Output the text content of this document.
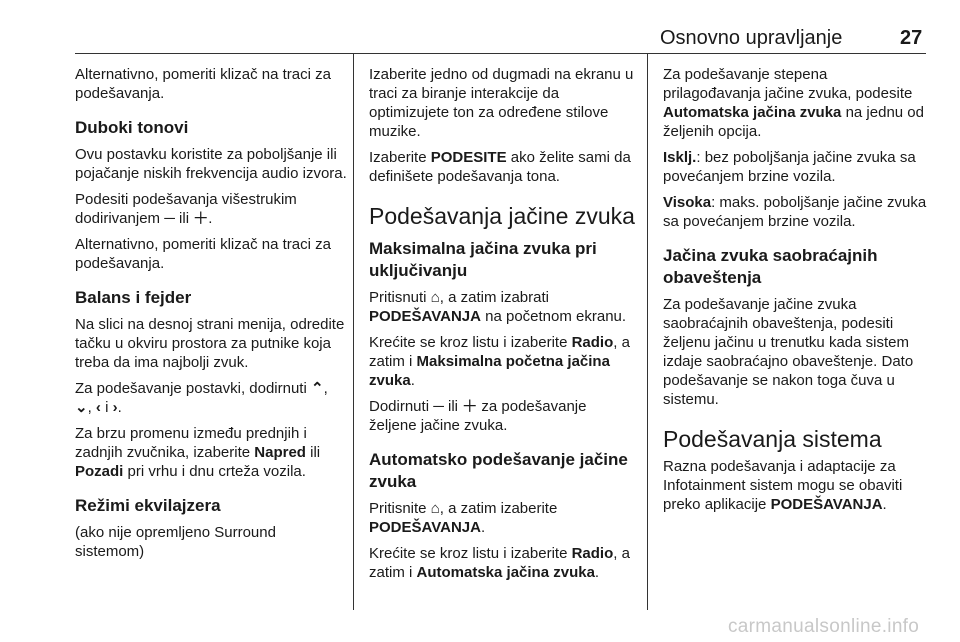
Osnovno upravljanje	27

Alternativno, pomeriti klizač na traci za podešavanja.

Duboki tonovi

Ovu postavku koristite za poboljšanje ili pojačanje niskih frekvencija audio izvora.

Podesiti podešavanja višestrukim dodirivanjem ─ ili ＋.

Alternativno, pomeriti klizač na traci za podešavanja.

Balans i fejder

Na slici na desnoj strani menija, odredite tačku u okviru prostora za putnike koja treba da ima najbolji zvuk.

Za podešavanje postavki, dodirnuti ⌃, ⌄, ‹ i ›.

Za brzu promenu između prednjih i zadnjih zvučnika, izaberite Napred ili Pozadi pri vrhu i dnu crteža vozila.

Režimi ekvilajzera

(ako nije opremljeno Surround sistemom)

Izaberite jedno od dugmadi na ekranu u traci za biranje interakcije da optimizujete ton za određene stilove muzike.

Izaberite PODESITE ako želite sami da definišete podešavanja tona.

Podešavanja jačine zvuka
Maksimalna jačina zvuka pri uključivanju

Pritisnuti ⌂, a zatim izabrati PODEŠAVANJA na početnom ekranu.

Krećite se kroz listu i izaberite Radio, a zatim i Maksimalna početna jačina zvuka.

Dodirnuti ─ ili ＋ za podešavanje željene jačine zvuka.

Automatsko podešavanje jačine zvuka

Pritisnite ⌂, a zatim izaberite PODEŠAVANJA.

Krećite se kroz listu i izaberite Radio, a zatim i Automatska jačina zvuka.

Za podešavanje stepena prilagođavanja jačine zvuka, podesite Automatska jačina zvuka na jednu od željenih opcija.

Isklj.: bez poboljšanja jačine zvuka sa povećanjem brzine vozila.

Visoka: maks. poboljšanje jačine zvuka sa povećanjem brzine vozila.

Jačina zvuka saobraćajnih obaveštenja

Za podešavanje jačine zvuka saobraćajnih obaveštenja, podesiti željenu jačinu u trenutku kada sistem izdaje saobraćajno obaveštenje. Dato podešavanje se nakon toga čuva u sistemu.

Podešavanja sistema

Razna podešavanja i adaptacije za Infotainment sistem mogu se obaviti preko aplikacije PODEŠAVANJA.

carmanualsonline.info
